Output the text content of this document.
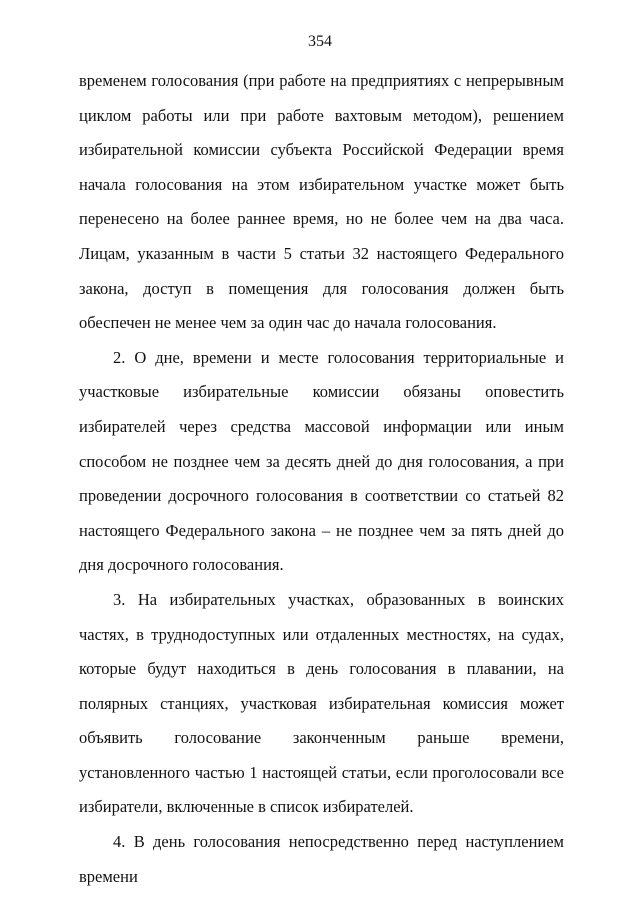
354

временем голосования (при работе на предприятиях с непрерывным циклом работы или при работе вахтовым методом), решением избирательной комиссии субъекта Российской Федерации время начала голосования на этом избирательном участке может быть перенесено на более раннее время, но не более чем на два часа. Лицам, указанным в части 5 статьи 32 настоящего Федерального закона, доступ в помещения для голосования должен быть обеспечен не менее чем за один час до начала голосования.

2. О дне, времени и месте голосования территориальные и участковые избирательные комиссии обязаны оповестить избирателей через средства массовой информации или иным способом не позднее чем за десять дней до дня голосования, а при проведении досрочного голосования в соответствии со статьей 82 настоящего Федерального закона – не позднее чем за пять дней до дня досрочного голосования.

3. На избирательных участках, образованных в воинских частях, в труднодоступных или отдаленных местностях, на судах, которые будут находиться в день голосования в плавании, на полярных станциях, участковая избирательная комиссия может объявить голосование законченным раньше времени, установленного частью 1 настоящей статьи, если проголосовали все избиратели, включенные в список избирателей.

4. В день голосования непосредственно перед наступлением времени
